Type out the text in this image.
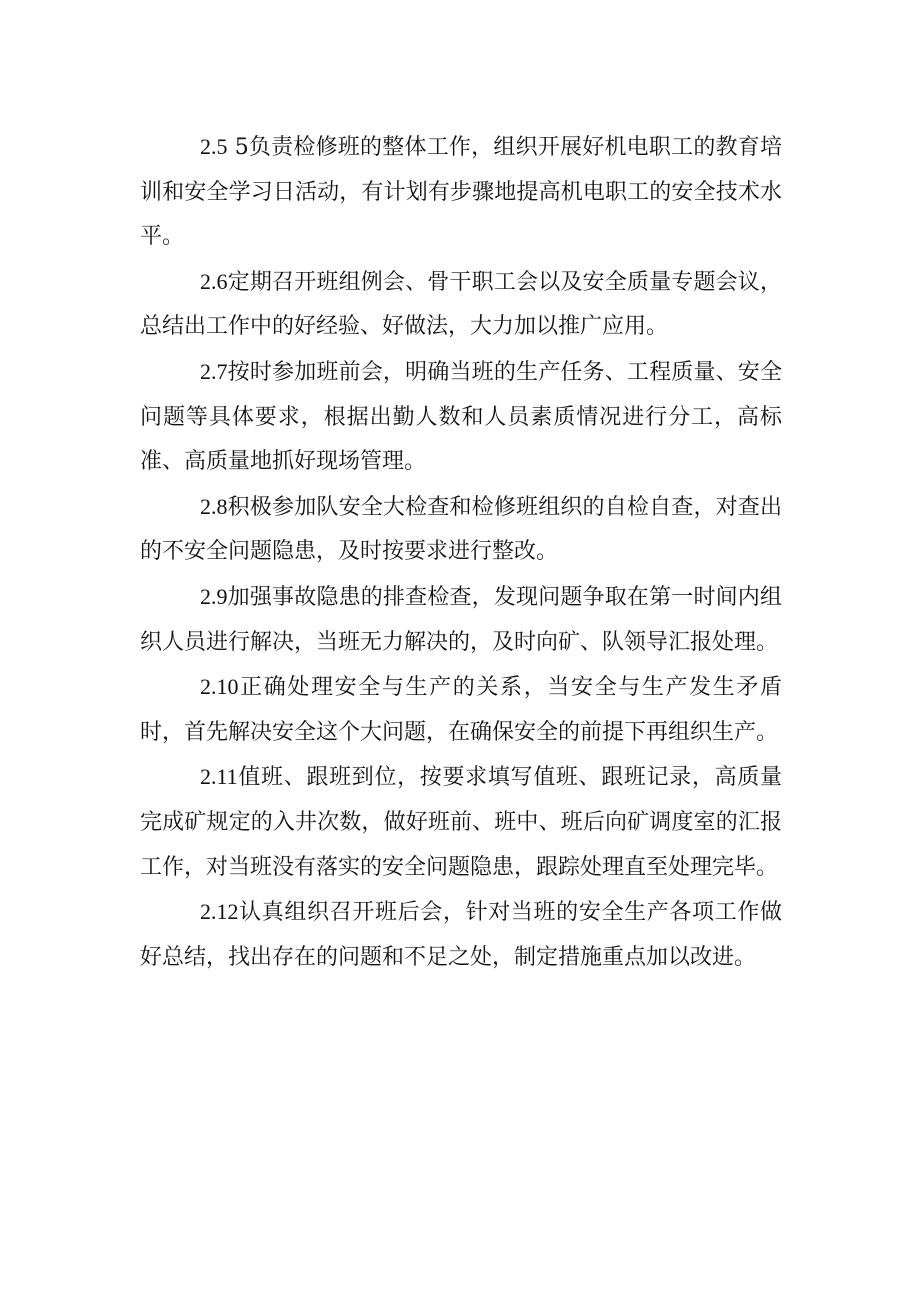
2.5 5负责检修班的整体工作，组织开展好机电职工的教育培训和安全学习日活动，有计划有步骤地提高机电职工的安全技术水平。

2.6定期召开班组例会、骨干职工会以及安全质量专题会议，总结出工作中的好经验、好做法，大力加以推广应用。

2.7按时参加班前会，明确当班的生产任务、工程质量、安全问题等具体要求，根据出勤人数和人员素质情况进行分工，高标准、高质量地抓好现场管理。

2.8积极参加队安全大检查和检修班组织的自检自查，对查出的不安全问题隐患，及时按要求进行整改。

2.9加强事故隐患的排查检查，发现问题争取在第一时间内组织人员进行解决，当班无力解决的，及时向矿、队领导汇报处理。

2.10正确处理安全与生产的关系，当安全与生产发生矛盾时，首先解决安全这个大问题，在确保安全的前提下再组织生产。

2.11值班、跟班到位，按要求填写值班、跟班记录，高质量完成矿规定的入井次数，做好班前、班中、班后向矿调度室的汇报工作，对当班没有落实的安全问题隐患，跟踪处理直至处理完毕。

2.12认真组织召开班后会，针对当班的安全生产各项工作做好总结，找出存在的问题和不足之处，制定措施重点加以改进。
